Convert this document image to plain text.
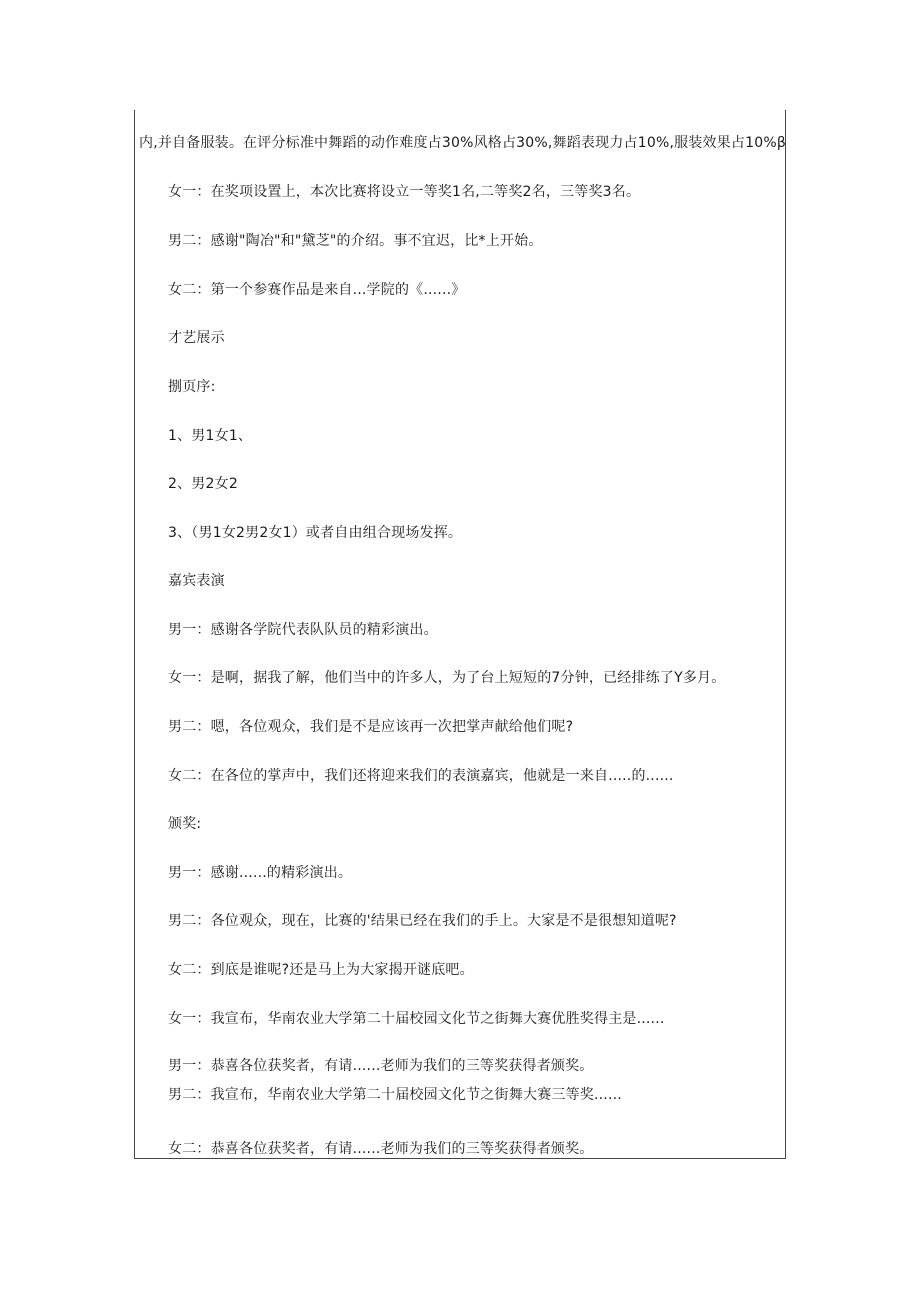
内,并自备服装。在评分标准中舞蹈的动作难度占30%风格占30%,舞蹈表现力占10%,服装效果占10%β
女一：在奖项设置上，本次比赛将设立一等奖1名,二等奖2名，三等奖3名。
男二：感谢"陶冶"和"黛芝"的介绍。事不宜迟，比*上开始。
女二：第一个参赛作品是来自...学院的《......》
才艺展示
捌页序:
1、男1女1、
2、男2女2
3、（男1女2男2女1）或者自由组合现场发挥。
嘉宾表演
男一：感谢各学院代表队队员的精彩演出。
女一：是啊，据我了解，他们当中的许多人，为了台上短短的7分钟，已经排练了Y多月。
男二：嗯，各位观众，我们是不是应该再一次把掌声献给他们呢?
女二：在各位的掌声中，我们还将迎来我们的表演嘉宾，他就是一来自.....的......
颁奖:
男一：感谢......的精彩演出。
男二：各位观众，现在，比赛的'结果已经在我们的手上。大家是不是很想知道呢?
女二：到底是谁呢?还是马上为大家揭开谜底吧。
女一：我宣布，华南农业大学第二十届校园文化节之街舞大赛优胜奖得主是......
男一：恭喜各位获奖者，有请......老师为我们的三等奖获得者颁奖。
男二：我宣布，华南农业大学第二十届校园文化节之街舞大赛三等奖......
女二：恭喜各位获奖者，有请......老师为我们的三等奖获得者颁奖。
